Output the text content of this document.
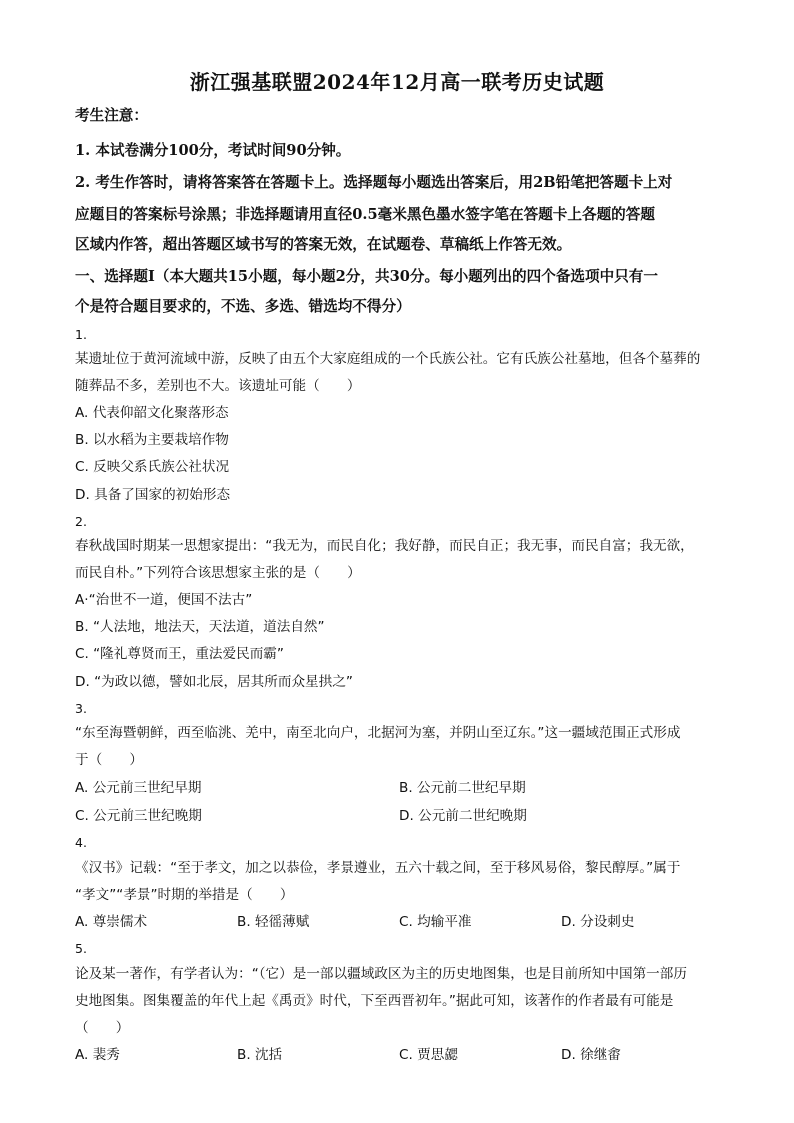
浙江强基联盟2024年12月高一联考历史试题
考生注意：
1. 本试卷满分100分，考试时间90分钟。
2. 考生作答时，请将答案答在答题卡上。选择题每小题选出答案后，用2B铅笔把答题卡上对
应题目的答案标号涂黑；非选择题请用直径0.5毫米黑色墨水签字笔在答题卡上各题的答题
区域内作答，超出答题区域书写的答案无效，在试题卷、草稿纸上作答无效。
一、选择题Ⅰ（本大题共15小题，每小题2分，共30分。每小题列出的四个备选项中只有一
个是符合题目要求的，不选、多选、错选均不得分）
1.
某遗址位于黄河流域中游，反映了由五个大家庭组成的一个氏族公社。它有氏族公社墓地，但各个墓葬的
随葬品不多，差别也不大。该遗址可能（　　）
A. 代表仰韶文化聚落形态
B. 以水稻为主要栽培作物
C. 反映父系氏族公社状况
D. 具备了国家的初始形态
2.
春秋战国时期某一思想家提出：“我无为，而民自化；我好静，而民自正；我无事，而民自富；我无欲，
而民自朴。”下列符合该思想家主张的是（　　）
A·“治世不一道，便国不法古”
B. “人法地，地法天，天法道，道法自然”
C. “隆礼尊贤而王，重法爱民而霸”
D. “为政以德，譬如北辰，居其所而众星拱之”
3.
“东至海暨朝鲜，西至临洮、羌中，南至北向户，北据河为塞，并阴山至辽东。”这一疆域范围正式形成
于（　　）
A. 公元前三世纪早期	B. 公元前二世纪早期
C. 公元前三世纪晚期	D. 公元前二世纪晚期
4.
《汉书》记载：“至于孝文，加之以恭俭，孝景遵业，五六十载之间，至于移风易俗，黎民醇厚。”属于
“孝文”“孝景”时期的举措是（　　）
A. 尊崇儒术	B. 轻徭薄赋	C. 均输平准	D. 分设刺史
5.
论及某一著作，有学者认为：“（它）是一部以疆域政区为主的历史地图集，也是目前所知中国第一部历
史地图集。图集覆盖的年代上起《禹贡》时代，下至西晋初年。”据此可知，该著作的作者最有可能是
（　　）
A. 裴秀	B. 沈括	C. 贾思勰	D. 徐继畬
